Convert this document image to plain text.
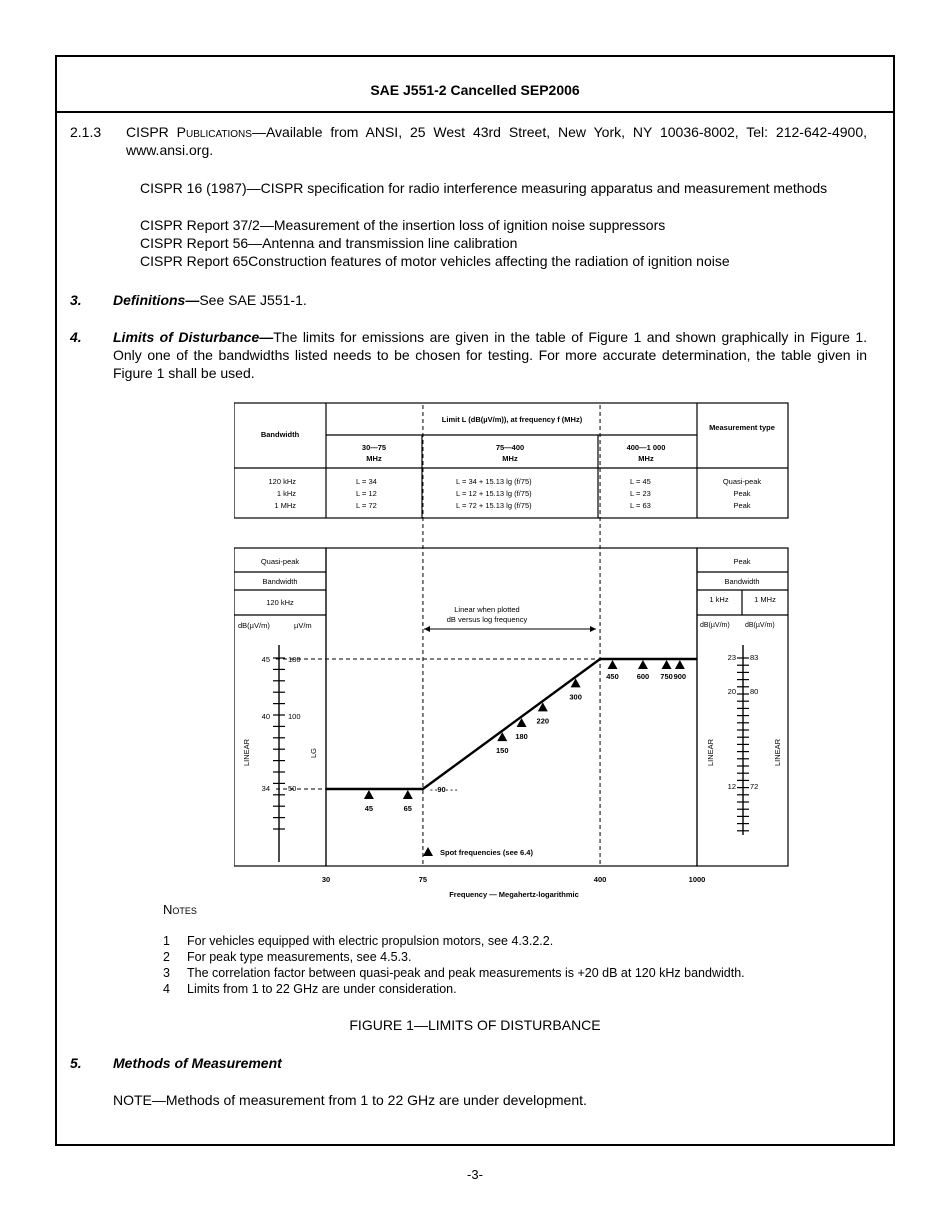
SAE J551-2 Cancelled SEP2006
2.1.3 CISPR Publications—Available from ANSI, 25 West 43rd Street, New York, NY 10036-8002, Tel: 212-642-4900, www.ansi.org.
CISPR 16 (1987)—CISPR specification for radio interference measuring apparatus and measurement methods
CISPR Report 37/2—Measurement of the insertion loss of ignition noise suppressors
CISPR Report 56—Antenna and transmission line calibration
CISPR Report 65Construction features of motor vehicles affecting the radiation of ignition noise
3. Definitions—See SAE J551-1.
4. Limits of Disturbance—The limits for emissions are given in the table of Figure 1 and shown graphically in Figure 1. Only one of the bandwidths listed needs to be chosen for testing. For more accurate determination, the table given in Figure 1 shall be used.
Bandwidth
Limit L (dB(µV/m)), at frequency f (MHz)
Measurement type
30—75
MHz
75—400
MHz
400—1 000
MHz
120 kHz	L = 34	L = 34 + 15.13 lg (f/75)	L = 45	Quasi-peak
1 kHz	L = 12	L = 12 + 15.13 lg (f/75)	L = 23	Peak
1 MHz	L = 72	L = 72 + 15.13 lg (f/75)	L = 63	Peak
Quasi-peak
Bandwidth
120 kHz
dB(µV/m)	µV/m
45 180
40 100
34 50
LINEAR	LG
Peak
Bandwidth
1 kHz	1 MHz
dB(µV/m) dB(µV/m)
23 83
20 80
12 72
LINEAR	LINEAR
45	65
- -90- - -
150
180
220
300
450 600 750 900
30	75	400	1000
Linear when plotted dB versus log frequency
Spot frequencies (see 6.4)
Frequency — Megahertz-logarithmic
Notes
1 For vehicles equipped with electric propulsion motors, see 4.3.2.2.
2 For peak type measurements, see 4.5.3.
3 The correlation factor between quasi-peak and peak measurements is +20 dB at 120 kHz bandwidth.
4 Limits from 1 to 22 GHz are under consideration.
FIGURE 1—LIMITS OF DISTURBANCE
5. Methods of Measurement
NOTE—Methods of measurement from 1 to 22 GHz are under development.
-3-
